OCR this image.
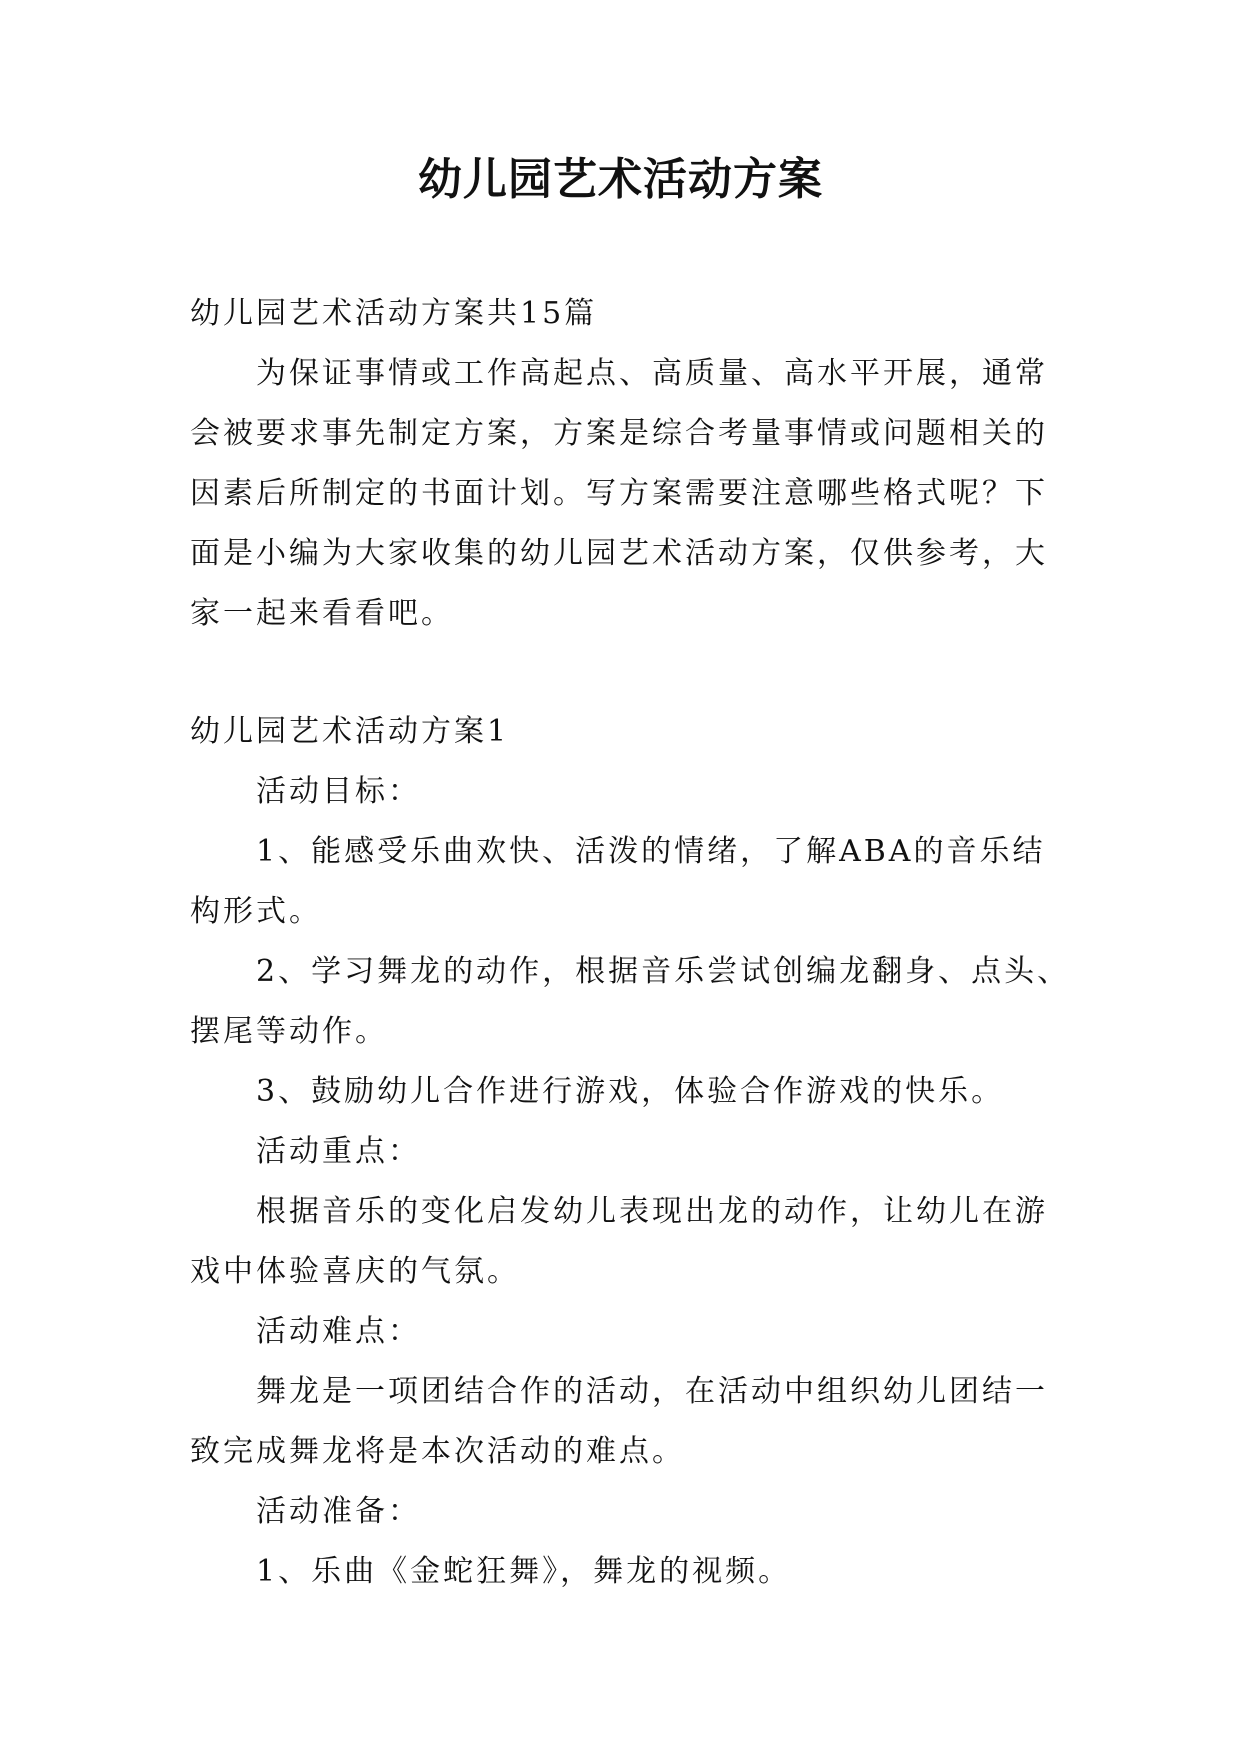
幼儿园艺术活动方案
幼儿园艺术活动方案共15篇
为保证事情或工作高起点、高质量、高水平开展，通常
会被要求事先制定方案，方案是综合考量事情或问题相关的
因素后所制定的书面计划。写方案需要注意哪些格式呢？下
面是小编为大家收集的幼儿园艺术活动方案，仅供参考，大
家一起来看看吧。
幼儿园艺术活动方案1
活动目标：
1、能感受乐曲欢快、活泼的情绪，了解ABA的音乐结
构形式。
2、学习舞龙的动作，根据音乐尝试创编龙翻身、点头、
摆尾等动作。
3、鼓励幼儿合作进行游戏，体验合作游戏的快乐。
活动重点：
根据音乐的变化启发幼儿表现出龙的动作，让幼儿在游
戏中体验喜庆的气氛。
活动难点：
舞龙是一项团结合作的活动，在活动中组织幼儿团结一
致完成舞龙将是本次活动的难点。
活动准备：
1、乐曲《金蛇狂舞》，舞龙的视频。
